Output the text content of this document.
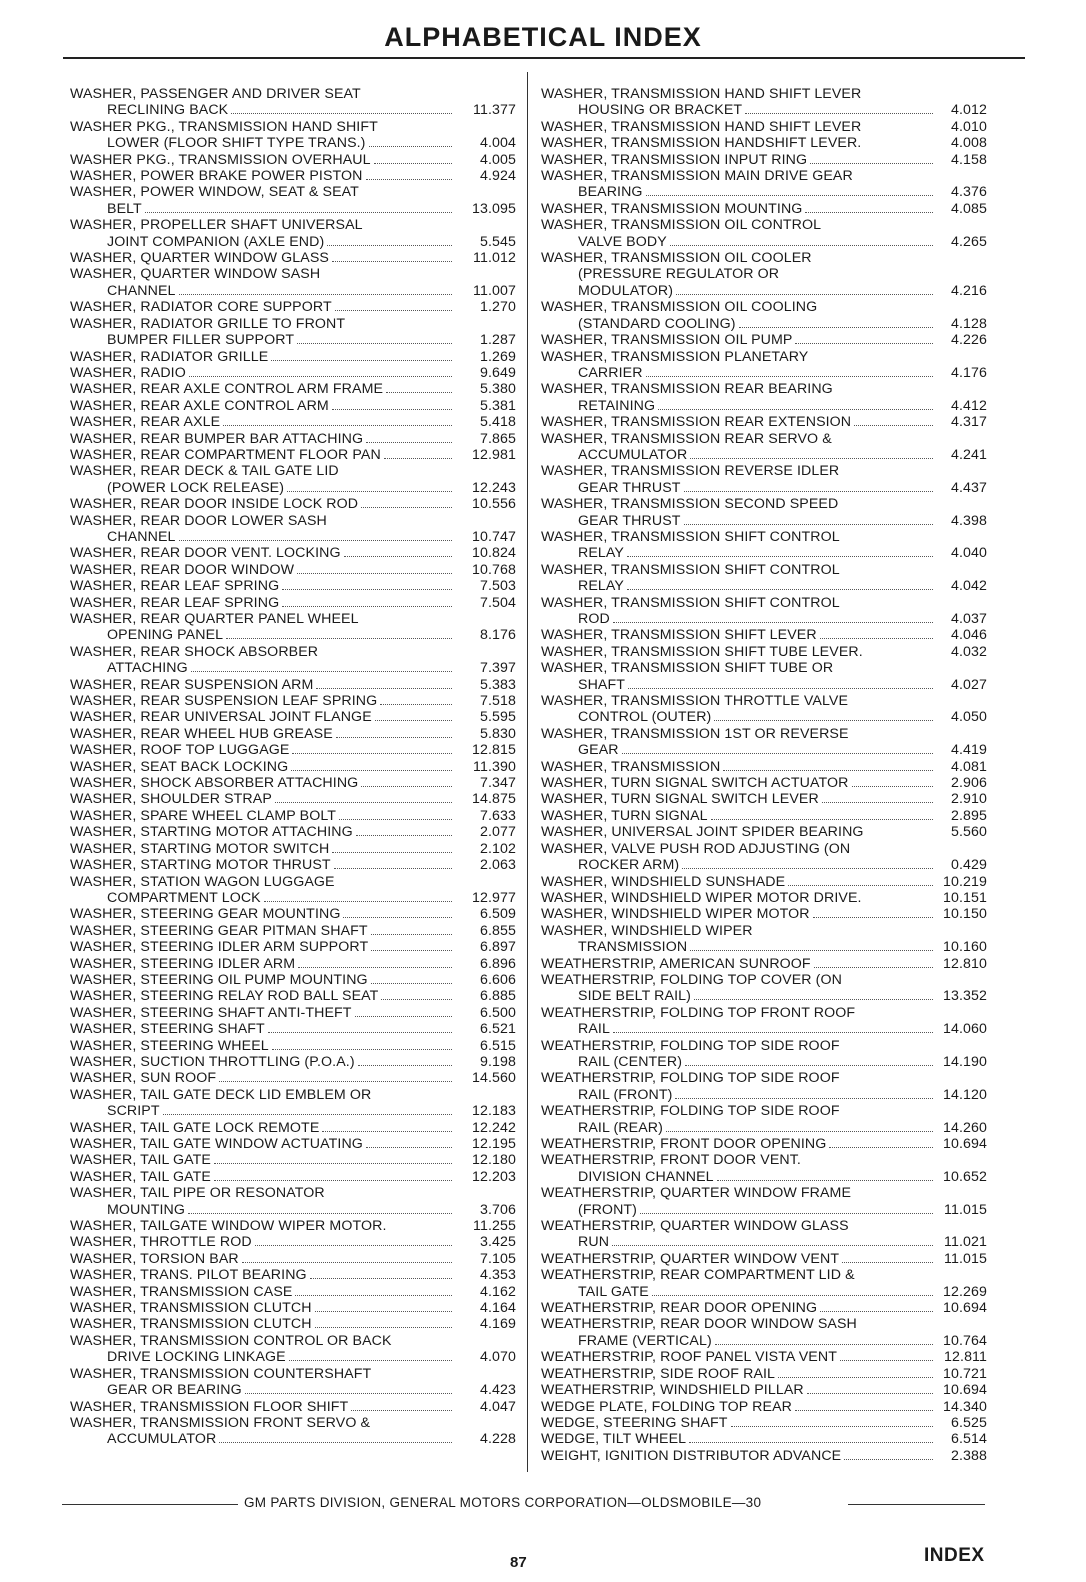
ALPHABETICAL INDEX
WASHER, PASSENGER AND DRIVER SEAT
RECLINING BACK	11.377
WASHER PKG., TRANSMISSION HAND SHIFT
LOWER (FLOOR SHIFT TYPE TRANS.)	4.004
WASHER PKG., TRANSMISSION OVERHAUL	4.005
WASHER, POWER BRAKE POWER PISTON	4.924
WASHER, POWER WINDOW, SEAT & SEAT
BELT	13.095
WASHER, PROPELLER SHAFT UNIVERSAL
JOINT COMPANION (AXLE END)	5.545
WASHER, QUARTER WINDOW GLASS	11.012
WASHER, QUARTER WINDOW SASH
CHANNEL	11.007
WASHER, RADIATOR CORE SUPPORT	1.270
WASHER, RADIATOR GRILLE TO FRONT
BUMPER FILLER SUPPORT	1.287
WASHER, RADIATOR GRILLE	1.269
WASHER, RADIO	9.649
WASHER, REAR AXLE CONTROL ARM FRAME	5.380
WASHER, REAR AXLE CONTROL ARM	5.381
WASHER, REAR AXLE	5.418
WASHER, REAR BUMPER BAR ATTACHING	7.865
WASHER, REAR COMPARTMENT FLOOR PAN	12.981
WASHER, REAR DECK & TAIL GATE LID
(POWER LOCK RELEASE)	12.243
WASHER, REAR DOOR INSIDE LOCK ROD	10.556
WASHER, REAR DOOR LOWER SASH
CHANNEL	10.747
WASHER, REAR DOOR VENT. LOCKING	10.824
WASHER, REAR DOOR WINDOW	10.768
WASHER, REAR LEAF SPRING	7.503
WASHER, REAR LEAF SPRING	7.504
WASHER, REAR QUARTER PANEL WHEEL
OPENING PANEL	8.176
WASHER, REAR SHOCK ABSORBER
ATTACHING	7.397
WASHER, REAR SUSPENSION ARM	5.383
WASHER, REAR SUSPENSION LEAF SPRING	7.518
WASHER, REAR UNIVERSAL JOINT FLANGE	5.595
WASHER, REAR WHEEL HUB GREASE	5.830
WASHER, ROOF TOP LUGGAGE	12.815
WASHER, SEAT BACK LOCKING	11.390
WASHER, SHOCK ABSORBER ATTACHING	7.347
WASHER, SHOULDER STRAP	14.875
WASHER, SPARE WHEEL CLAMP BOLT	7.633
WASHER, STARTING MOTOR ATTACHING	2.077
WASHER, STARTING MOTOR SWITCH	2.102
WASHER, STARTING MOTOR THRUST	2.063
WASHER, STATION WAGON LUGGAGE
COMPARTMENT LOCK	12.977
WASHER, STEERING GEAR MOUNTING	6.509
WASHER, STEERING GEAR PITMAN SHAFT	6.855
WASHER, STEERING IDLER ARM SUPPORT	6.897
WASHER, STEERING IDLER ARM	6.896
WASHER, STEERING OIL PUMP MOUNTING	6.606
WASHER, STEERING RELAY ROD BALL SEAT	6.885
WASHER, STEERING SHAFT ANTI-THEFT	6.500
WASHER, STEERING SHAFT	6.521
WASHER, STEERING WHEEL	6.515
WASHER, SUCTION THROTTLING (P.O.A.)	9.198
WASHER, SUN ROOF	14.560
WASHER, TAIL GATE DECK LID EMBLEM OR
SCRIPT	12.183
WASHER, TAIL GATE LOCK REMOTE	12.242
WASHER, TAIL GATE WINDOW ACTUATING	12.195
WASHER, TAIL GATE	12.180
WASHER, TAIL GATE	12.203
WASHER, TAIL PIPE OR RESONATOR
MOUNTING	3.706
WASHER, TAILGATE WINDOW WIPER MOTOR.	11.255
WASHER, THROTTLE ROD	3.425
WASHER, TORSION BAR	7.105
WASHER, TRANS. PILOT BEARING	4.353
WASHER, TRANSMISSION CASE	4.162
WASHER, TRANSMISSION CLUTCH	4.164
WASHER, TRANSMISSION CLUTCH	4.169
WASHER, TRANSMISSION CONTROL OR BACK
DRIVE LOCKING LINKAGE	4.070
WASHER, TRANSMISSION COUNTERSHAFT
GEAR OR BEARING	4.423
WASHER, TRANSMISSION FLOOR SHIFT	4.047
WASHER, TRANSMISSION FRONT SERVO &
ACCUMULATOR	4.228
WASHER, TRANSMISSION HAND SHIFT LEVER
HOUSING OR BRACKET	4.012
WASHER, TRANSMISSION HAND SHIFT LEVER	4.010
WASHER, TRANSMISSION HANDSHIFT LEVER.	4.008
WASHER, TRANSMISSION INPUT RING	4.158
WASHER, TRANSMISSION MAIN DRIVE GEAR
BEARING	4.376
WASHER, TRANSMISSION MOUNTING	4.085
WASHER, TRANSMISSION OIL CONTROL
VALVE BODY	4.265
WASHER, TRANSMISSION OIL COOLER
(PRESSURE REGULATOR OR
MODULATOR)	4.216
WASHER, TRANSMISSION OIL COOLING
(STANDARD COOLING)	4.128
WASHER, TRANSMISSION OIL PUMP	4.226
WASHER, TRANSMISSION PLANETARY
CARRIER	4.176
WASHER, TRANSMISSION REAR BEARING
RETAINING	4.412
WASHER, TRANSMISSION REAR EXTENSION	4.317
WASHER, TRANSMISSION REAR SERVO &
ACCUMULATOR	4.241
WASHER, TRANSMISSION REVERSE IDLER
GEAR THRUST	4.437
WASHER, TRANSMISSION SECOND SPEED
GEAR THRUST	4.398
WASHER, TRANSMISSION SHIFT CONTROL
RELAY	4.040
WASHER, TRANSMISSION SHIFT CONTROL
RELAY	4.042
WASHER, TRANSMISSION SHIFT CONTROL
ROD	4.037
WASHER, TRANSMISSION SHIFT LEVER	4.046
WASHER, TRANSMISSION SHIFT TUBE LEVER.	4.032
WASHER, TRANSMISSION SHIFT TUBE OR
SHAFT	4.027
WASHER, TRANSMISSION THROTTLE VALVE
CONTROL (OUTER)	4.050
WASHER, TRANSMISSION 1ST OR REVERSE
GEAR	4.419
WASHER, TRANSMISSION	4.081
WASHER, TURN SIGNAL SWITCH ACTUATOR	2.906
WASHER, TURN SIGNAL SWITCH LEVER	2.910
WASHER, TURN SIGNAL	2.895
WASHER, UNIVERSAL JOINT SPIDER BEARING	5.560
WASHER, VALVE PUSH ROD ADJUSTING (ON
ROCKER ARM)	0.429
WASHER, WINDSHIELD SUNSHADE	10.219
WASHER, WINDSHIELD WIPER MOTOR DRIVE.	10.151
WASHER, WINDSHIELD WIPER MOTOR	10.150
WASHER, WINDSHIELD WIPER
TRANSMISSION	10.160
WEATHERSTRIP, AMERICAN SUNROOF	12.810
WEATHERSTRIP, FOLDING TOP COVER (ON
SIDE BELT RAIL)	13.352
WEATHERSTRIP, FOLDING TOP FRONT ROOF
RAIL	14.060
WEATHERSTRIP, FOLDING TOP SIDE ROOF
RAIL (CENTER)	14.190
WEATHERSTRIP, FOLDING TOP SIDE ROOF
RAIL (FRONT)	14.120
WEATHERSTRIP, FOLDING TOP SIDE ROOF
RAIL (REAR)	14.260
WEATHERSTRIP, FRONT DOOR OPENING	10.694
WEATHERSTRIP, FRONT DOOR VENT.
DIVISION CHANNEL	10.652
WEATHERSTRIP, QUARTER WINDOW FRAME
(FRONT)	11.015
WEATHERSTRIP, QUARTER WINDOW GLASS
RUN	11.021
WEATHERSTRIP, QUARTER WINDOW VENT	11.015
WEATHERSTRIP, REAR COMPARTMENT LID &
TAIL GATE	12.269
WEATHERSTRIP, REAR DOOR OPENING	10.694
WEATHERSTRIP, REAR DOOR WINDOW SASH
FRAME (VERTICAL)	10.764
WEATHERSTRIP, ROOF PANEL VISTA VENT	12.811
WEATHERSTRIP, SIDE ROOF RAIL	10.721
WEATHERSTRIP, WINDSHIELD PILLAR	10.694
WEDGE PLATE, FOLDING TOP REAR	14.340
WEDGE, STEERING SHAFT	6.525
WEDGE, TILT WHEEL	6.514
WEIGHT, IGNITION DISTRIBUTOR ADVANCE	2.388
GM PARTS DIVISION, GENERAL MOTORS CORPORATION—OLDSMOBILE—30
87	INDEX
